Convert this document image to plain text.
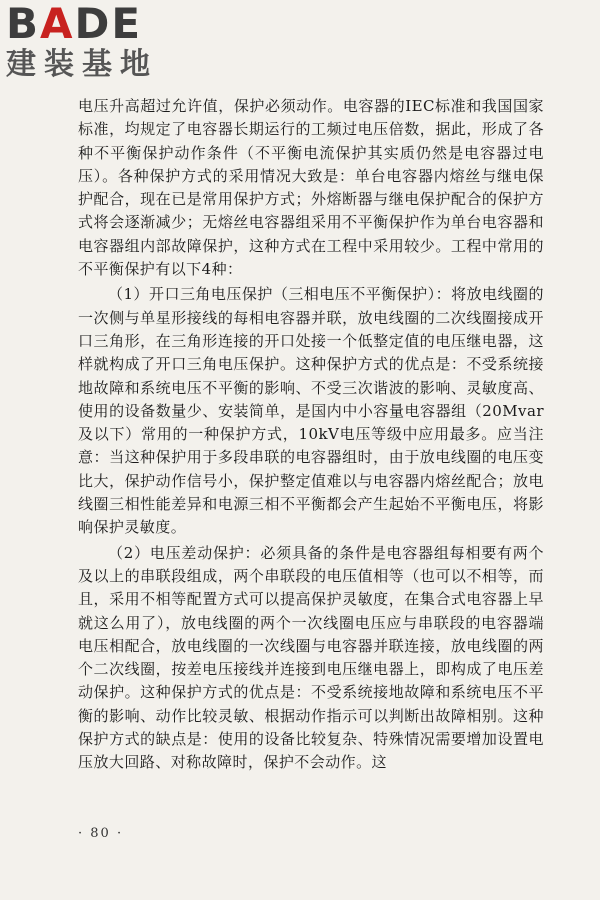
BADE
建装基地

电压升高超过允许值，保护必须动作。电容器的IEC标准和我国国家标准，均规定了电容器长期运行的工频过电压倍数，据此，形成了各种不平衡保护动作条件（不平衡电流保护其实质仍然是电容器过电压）。各种保护方式的采用情况大致是：单台电容器内熔丝与继电保护配合，现在已是常用保护方式；外熔断器与继电保护配合的保护方式将会逐渐减少；无熔丝电容器组采用不平衡保护作为单台电容器和电容器组内部故障保护，这种方式在工程中采用较少。工程中常用的不平衡保护有以下4种：

（1）开口三角电压保护（三相电压不平衡保护）：将放电线圈的一次侧与单星形接线的每相电容器并联，放电线圈的二次线圈接成开口三角形，在三角形连接的开口处接一个低整定值的电压继电器，这样就构成了开口三角电压保护。这种保护方式的优点是：不受系统接地故障和系统电压不平衡的影响、不受三次谐波的影响、灵敏度高、使用的设备数量少、安装简单，是国内中小容量电容器组（20Mvar及以下）常用的一种保护方式，10kV电压等级中应用最多。应当注意：当这种保护用于多段串联的电容器组时，由于放电线圈的电压变比大，保护动作信号小，保护整定值难以与电容器内熔丝配合；放电线圈三相性能差异和电源三相不平衡都会产生起始不平衡电压，将影响保护灵敏度。

（2）电压差动保护：必须具备的条件是电容器组每相要有两个及以上的串联段组成，两个串联段的电压值相等（也可以不相等，而且，采用不相等配置方式可以提高保护灵敏度，在集合式电容器上早就这么用了），放电线圈的两个一次线圈电压应与串联段的电容器端电压相配合，放电线圈的一次线圈与电容器并联连接，放电线圈的两个二次线圈，按差电压接线并连接到电压继电器上，即构成了电压差动保护。这种保护方式的优点是：不受系统接地故障和系统电压不平衡的影响、动作比较灵敏、根据动作指示可以判断出故障相别。这种保护方式的缺点是：使用的设备比较复杂、特殊情况需要增加设置电压放大回路、对称故障时，保护不会动作。这

· 80 ·
